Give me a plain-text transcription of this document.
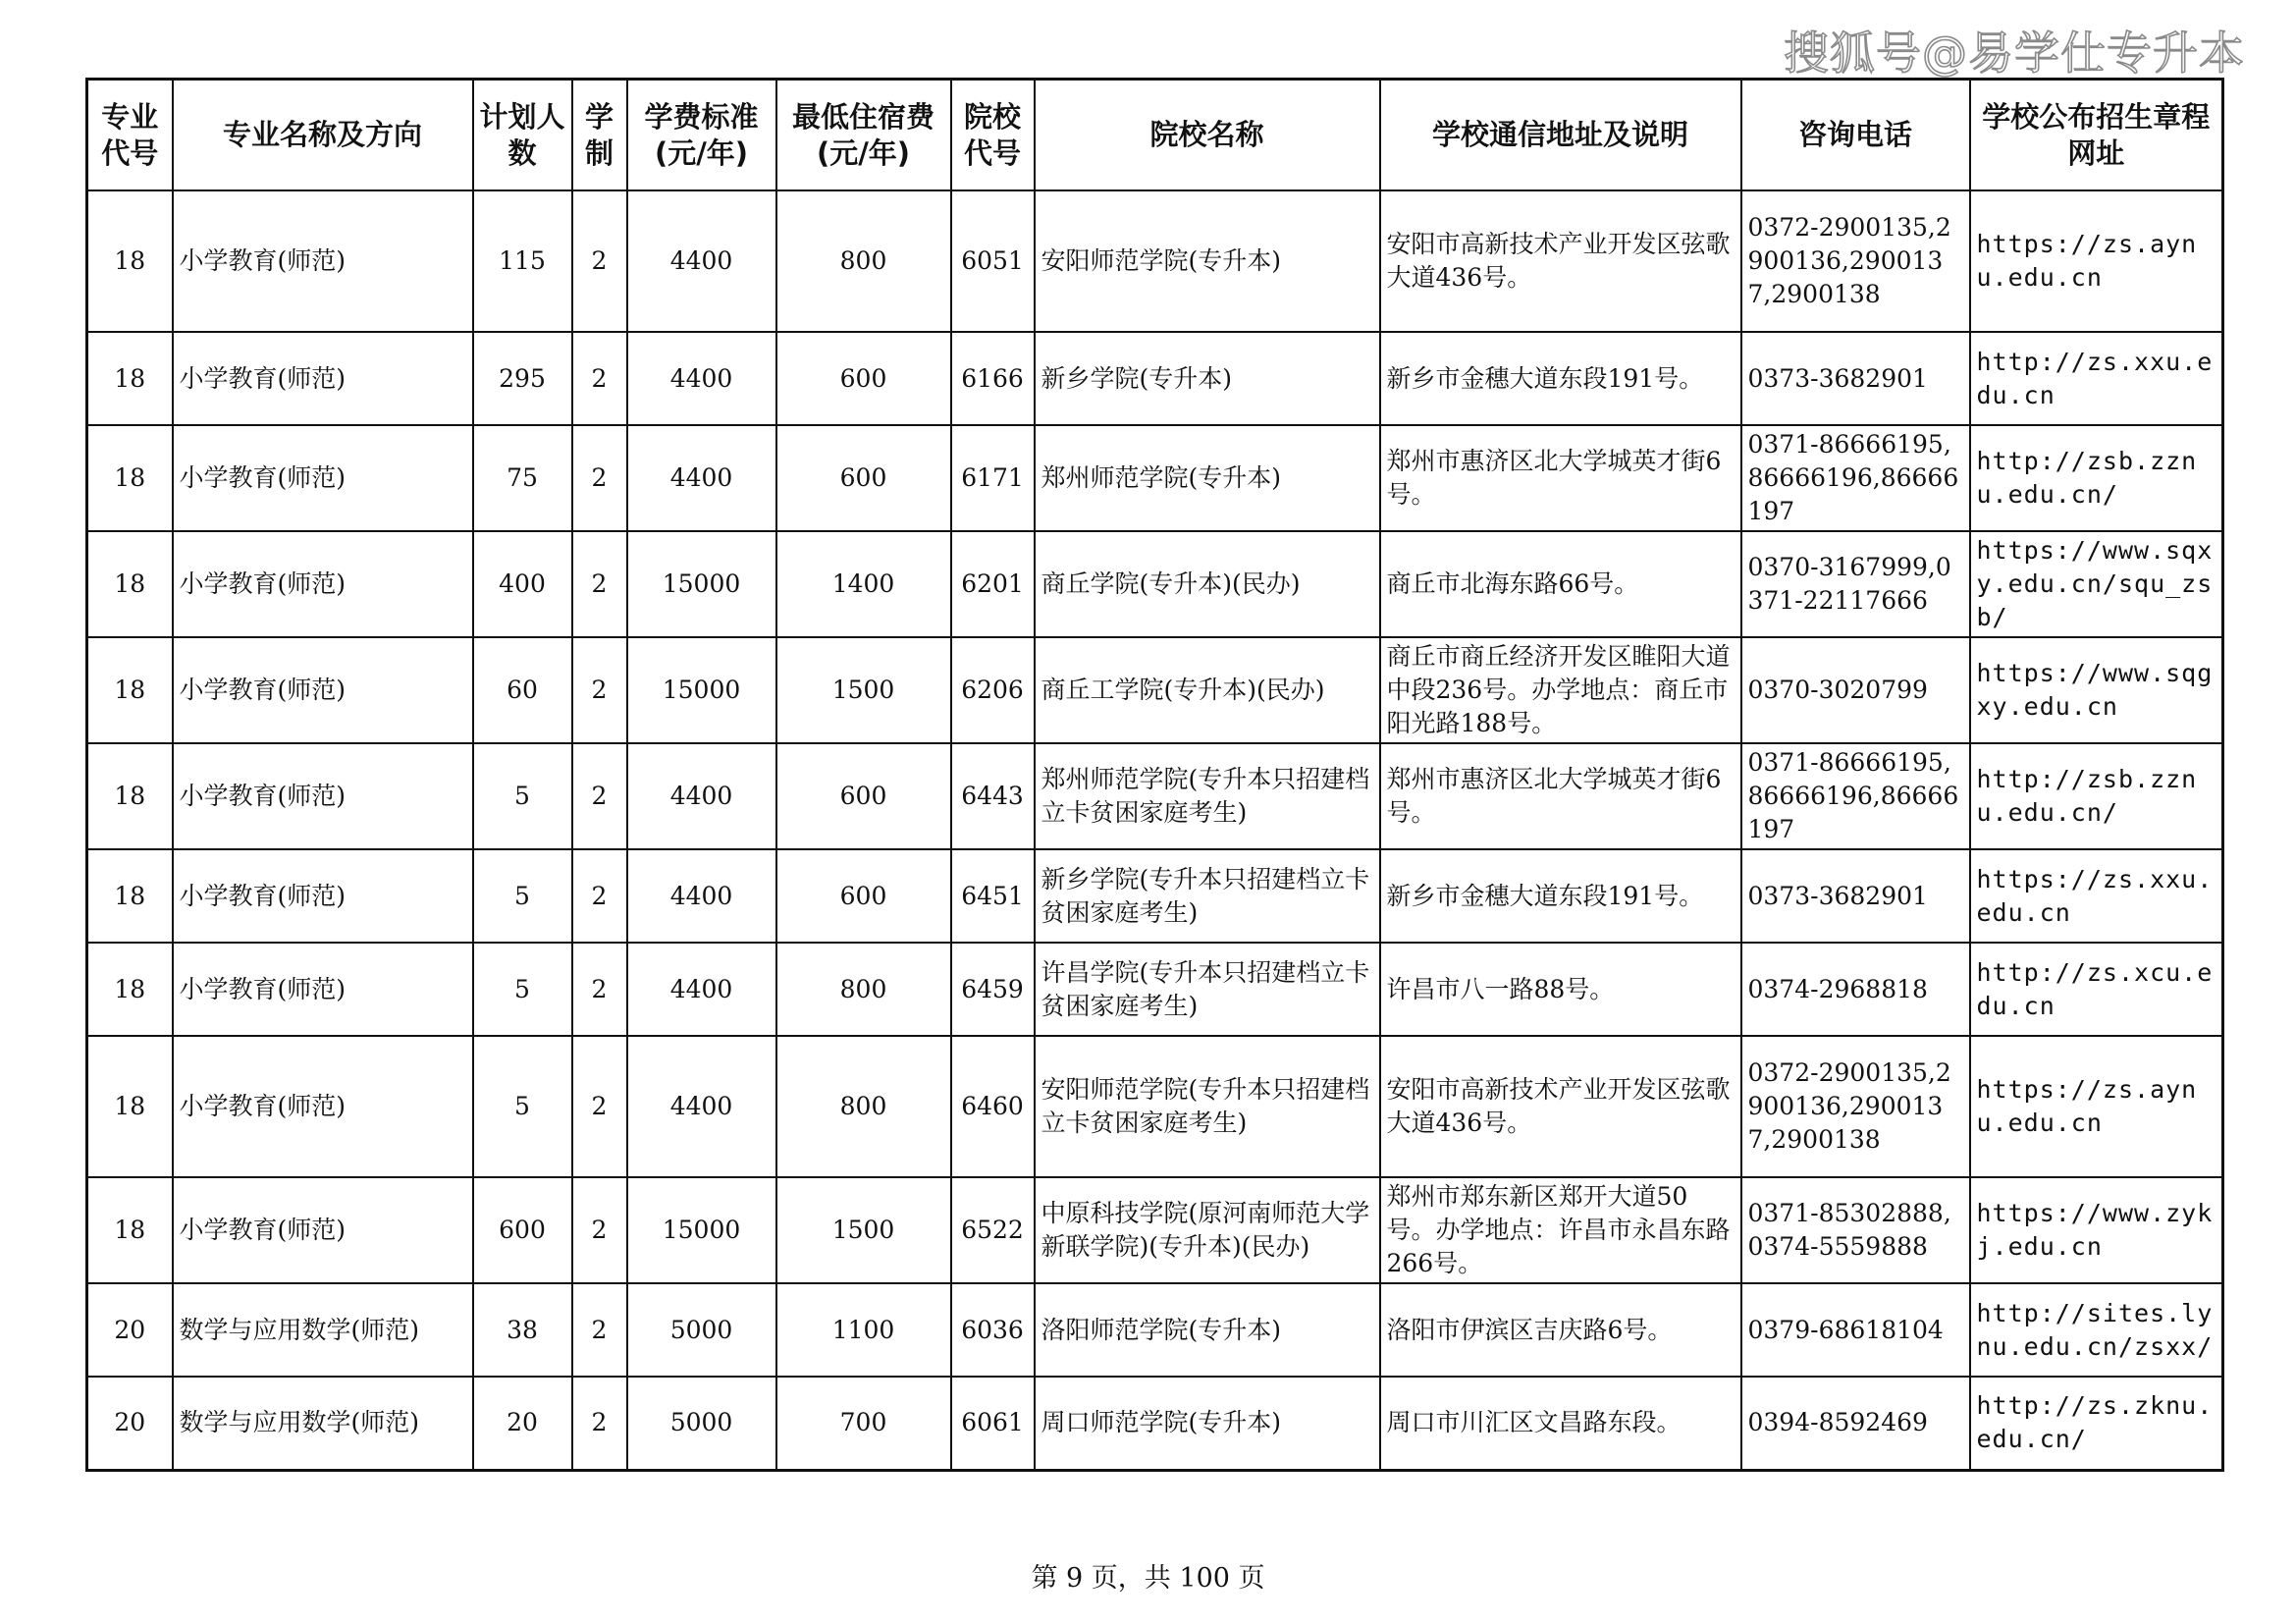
搜狐号@易学仕专升本
专业代号	专业名称及方向	计划人数	学制	学费标准(元/年)	最低住宿费(元/年)	院校代号	院校名称	学校通信地址及说明	咨询电话	学校公布招生章程网址
18	小学教育(师范)	115	2	4400	800	6051	安阳师范学院(专升本)	安阳市高新技术产业开发区弦歌大道436号。	0372-2900135,2900136,2900137,2900138	https://zs.aynu.edu.cn
18	小学教育(师范)	295	2	4400	600	6166	新乡学院(专升本)	新乡市金穗大道东段191号。	0373-3682901	http://zs.xxu.edu.cn
18	小学教育(师范)	75	2	4400	600	6171	郑州师范学院(专升本)	郑州市惠济区北大学城英才街6号。	0371-86666195,86666196,86666197	http://zsb.zznu.edu.cn/
18	小学教育(师范)	400	2	15000	1400	6201	商丘学院(专升本)(民办)	商丘市北海东路66号。	0370-3167999,0371-22117666	https://www.sqxy.edu.cn/squ_zsb/
18	小学教育(师范)	60	2	15000	1500	6206	商丘工学院(专升本)(民办)	商丘市商丘经济开发区睢阳大道中段236号。办学地点：商丘市阳光路188号。	0370-3020799	https://www.sqgxy.edu.cn
18	小学教育(师范)	5	2	4400	600	6443	郑州师范学院(专升本只招建档立卡贫困家庭考生)	郑州市惠济区北大学城英才街6号。	0371-86666195,86666196,86666197	http://zsb.zznu.edu.cn/
18	小学教育(师范)	5	2	4400	600	6451	新乡学院(专升本只招建档立卡贫困家庭考生)	新乡市金穗大道东段191号。	0373-3682901	https://zs.xxu.edu.cn
18	小学教育(师范)	5	2	4400	800	6459	许昌学院(专升本只招建档立卡贫困家庭考生)	许昌市八一路88号。	0374-2968818	http://zs.xcu.edu.cn
18	小学教育(师范)	5	2	4400	800	6460	安阳师范学院(专升本只招建档立卡贫困家庭考生)	安阳市高新技术产业开发区弦歌大道436号。	0372-2900135,2900136,2900137,2900138	https://zs.aynu.edu.cn
18	小学教育(师范)	600	2	15000	1500	6522	中原科技学院(原河南师范大学新联学院)(专升本)(民办)	郑州市郑东新区郑开大道50号。办学地点：许昌市永昌东路266号。	0371-85302888,0374-5559888	https://www.zykj.edu.cn
20	数学与应用数学(师范)	38	2	5000	1100	6036	洛阳师范学院(专升本)	洛阳市伊滨区吉庆路6号。	0379-68618104	http://sites.lynu.edu.cn/zsxx/
20	数学与应用数学(师范)	20	2	5000	700	6061	周口师范学院(专升本)	周口市川汇区文昌路东段。	0394-8592469	http://zs.zknu.edu.cn/
第 9 页，共 100 页
